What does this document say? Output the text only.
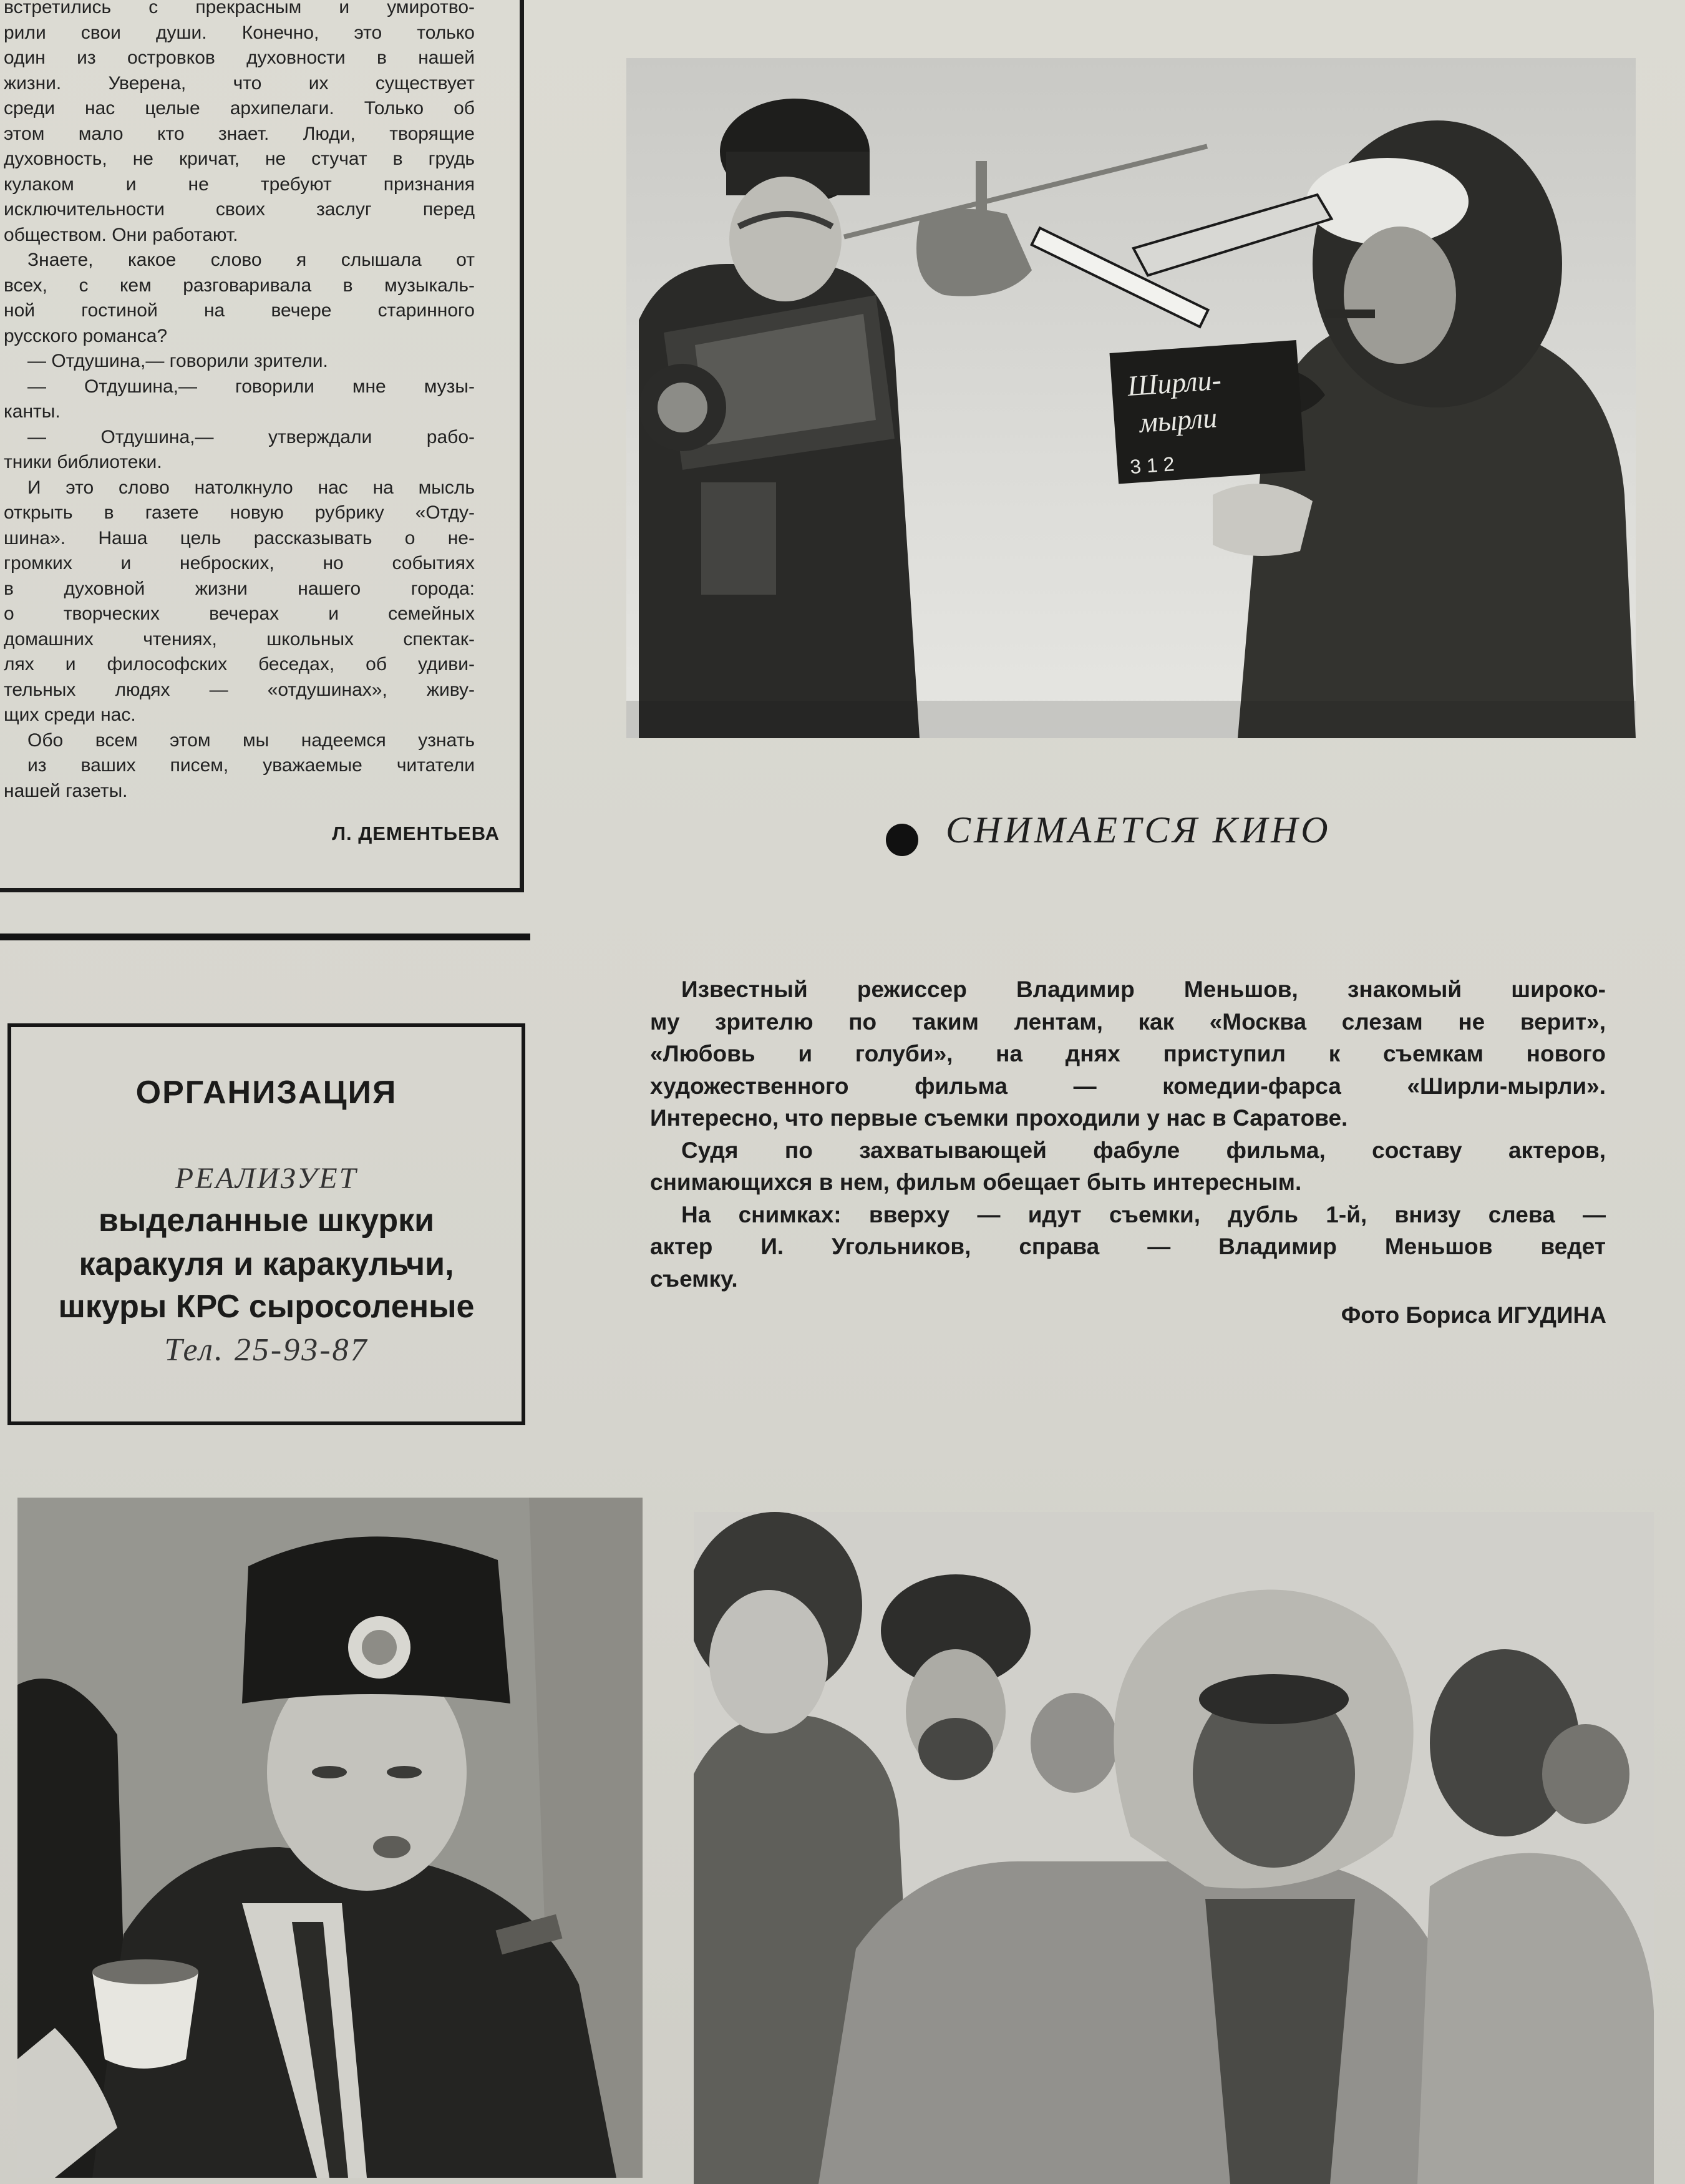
встретились с прекрасным и умиротво-
рили свои души. Конечно, это только
один из островков духовности в нашей
жизни. Уверена, что их существует
среди нас целые архипелаги. Только об
этом мало кто знает. Люди, творящие
духовность, не кричат, не стучат в грудь
кулаком и не требуют признания
исключительности своих заслуг перед
обществом. Они работают.
Знаете, какое слово я слышала от
всех, с кем разговаривала в музыкаль-
ной гостиной на вечере старинного
русского романса?
— Отдушина,— говорили зрители.
— Отдушина,— говорили мне музы-
канты.
— Отдушина,— утверждали рабо-
тники библиотеки.
И это слово натолкнуло нас на мысль
открыть в газете новую рубрику «Отду-
шина». Наша цель рассказывать о не-
громких и неброских, но событиях
в духовной жизни нашего города:
о творческих вечерах и семейных
домашних чтениях, школьных спектак-
лях и философских беседах, об удиви-
тельных людях — «отдушинах», живу-
щих среди нас.
Обо всем этом мы надеемся узнать
из ваших писем, уважаемые читатели
нашей газеты.
Л. ДЕМЕНТЬЕВА
ОРГАНИЗАЦИЯ
РЕАЛИЗУЕТ
выделанные шкурки
каракуля и каракульчи,
шкуры КРС сыросоленые
Тел. 25-93-87
Ширли-
мырли
3 1 2
СНИМАЕТСЯ КИНО
Известный режиссер Владимир Меньшов, знакомый широко-
му зрителю по таким лентам, как «Москва слезам не верит»,
«Любовь и голуби», на днях приступил к съемкам нового
художественного фильма — комедии-фарса «Ширли-мырли».
Интересно, что первые съемки проходили у нас в Саратове.
Судя по захватывающей фабуле фильма, составу актеров,
снимающихся в нем, фильм обещает быть интересным.
На снимках: вверху — идут съемки, дубль 1-й, внизу слева —
актер И. Угольников, справа — Владимир Меньшов ведет
съемку.
Фото Бориса ИГУДИНА
